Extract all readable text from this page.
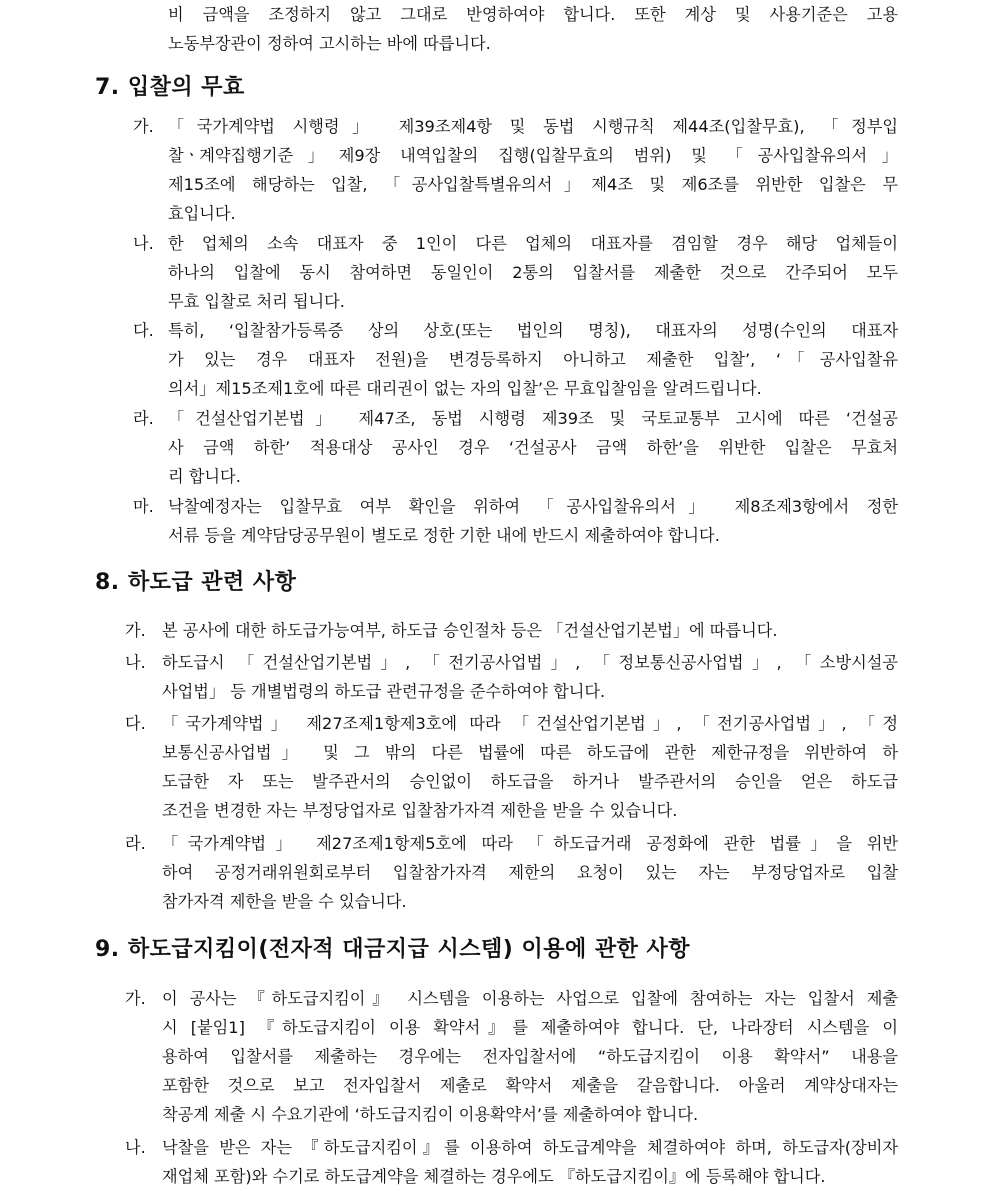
비 금액을 조정하지 않고 그대로 반영하여야 합니다. 또한 계상 및 사용기준은 고용
노동부장관이 정하여 고시하는 바에 따릅니다.
7. 입찰의 무효
가. 「국가계약법 시행령」 제39조제4항 및 동법 시행규칙 제44조(입찰무효), 「정부입
찰ㆍ계약집행기준」제9장 내역입찰의 집행(입찰무효의 범위) 및 「공사입찰유의서」
제15조에 해당하는 입찰, 「공사입찰특별유의서」제4조 및 제6조를 위반한 입찰은 무
효입니다.
나. 한 업체의 소속 대표자 중 1인이 다른 업체의 대표자를 겸임할 경우 해당 업체들이
하나의 입찰에 동시 참여하면 동일인이 2통의 입찰서를 제출한 것으로 간주되어 모두
무효 입찰로 처리 됩니다.
다. 특히, ‘입찰참가등록증 상의 상호(또는 법인의 명칭), 대표자의 성명(수인의 대표자
가 있는 경우 대표자 전원)을 변경등록하지 아니하고 제출한 입찰’, ‘「공사입찰유
의서」제15조제1호에 따른 대리권이 없는 자의 입찰’은 무효입찰임을 알려드립니다.
라. 「건설산업기본법」 제47조, 동법 시행령 제39조 및 국토교통부 고시에 따른 ‘건설공
사 금액 하한’ 적용대상 공사인 경우 ‘건설공사 금액 하한’을 위반한 입찰은 무효처
리 합니다.
마. 낙찰예정자는 입찰무효 여부 확인을 위하여 「공사입찰유의서」 제8조제3항에서 정한
서류 등을 계약담당공무원이 별도로 정한 기한 내에 반드시 제출하여야 합니다.
8. 하도급 관련 사항
가.	본 공사에 대한 하도급가능여부, 하도급 승인절차 등은 「건설산업기본법」에 따릅니다.
나.	하도급시 「건설산업기본법」, 「전기공사업법」, 「정보통신공사업법」, 「소방시설공
사업법」 등 개별법령의 하도급 관련규정을 준수하여야 합니다.
다.	「국가계약법」 제27조제1항제3호에 따라 「건설산업기본법」, 「전기공사업법」, 「정
보통신공사업법」 및 그 밖의 다른 법률에 따른 하도급에 관한 제한규정을 위반하여 하
도급한 자 또는 발주관서의 승인없이 하도급을 하거나 발주관서의 승인을 얻은 하도급
조건을 변경한 자는 부정당업자로 입찰참가자격 제한을 받을 수 있습니다.
라.	「국가계약법」 제27조제1항제5호에 따라 「하도급거래 공정화에 관한 법률」을 위반
하여 공정거래위원회로부터 입찰참가자격 제한의 요청이 있는 자는 부정당업자로 입찰
참가자격 제한을 받을 수 있습니다.
9. 하도급지킴이(전자적 대금지급 시스템) 이용에 관한 사항
가.	이 공사는 『하도급지킴이』 시스템을 이용하는 사업으로 입찰에 참여하는 자는 입찰서 제출
시 [붙임1] 『하도급지킴이 이용 확약서』를 제출하여야 합니다. 단, 나라장터 시스템을 이
용하여 입찰서를 제출하는 경우에는 전자입찰서에 “하도급지킴이 이용 확약서” 내용을
포함한 것으로 보고 전자입찰서 제출로 확약서 제출을 갈음합니다. 아울러 계약상대자는
착공계 제출 시 수요기관에 ‘하도급지킴이 이용확약서’를 제출하여야 합니다.
나.	낙찰을 받은 자는 『하도급지킴이』를 이용하여 하도급계약을 체결하여야 하며, 하도급자(장비자
재업체 포함)와 수기로 하도급계약을 체결하는 경우에도 『하도급지킴이』에 등록해야 합니다.
